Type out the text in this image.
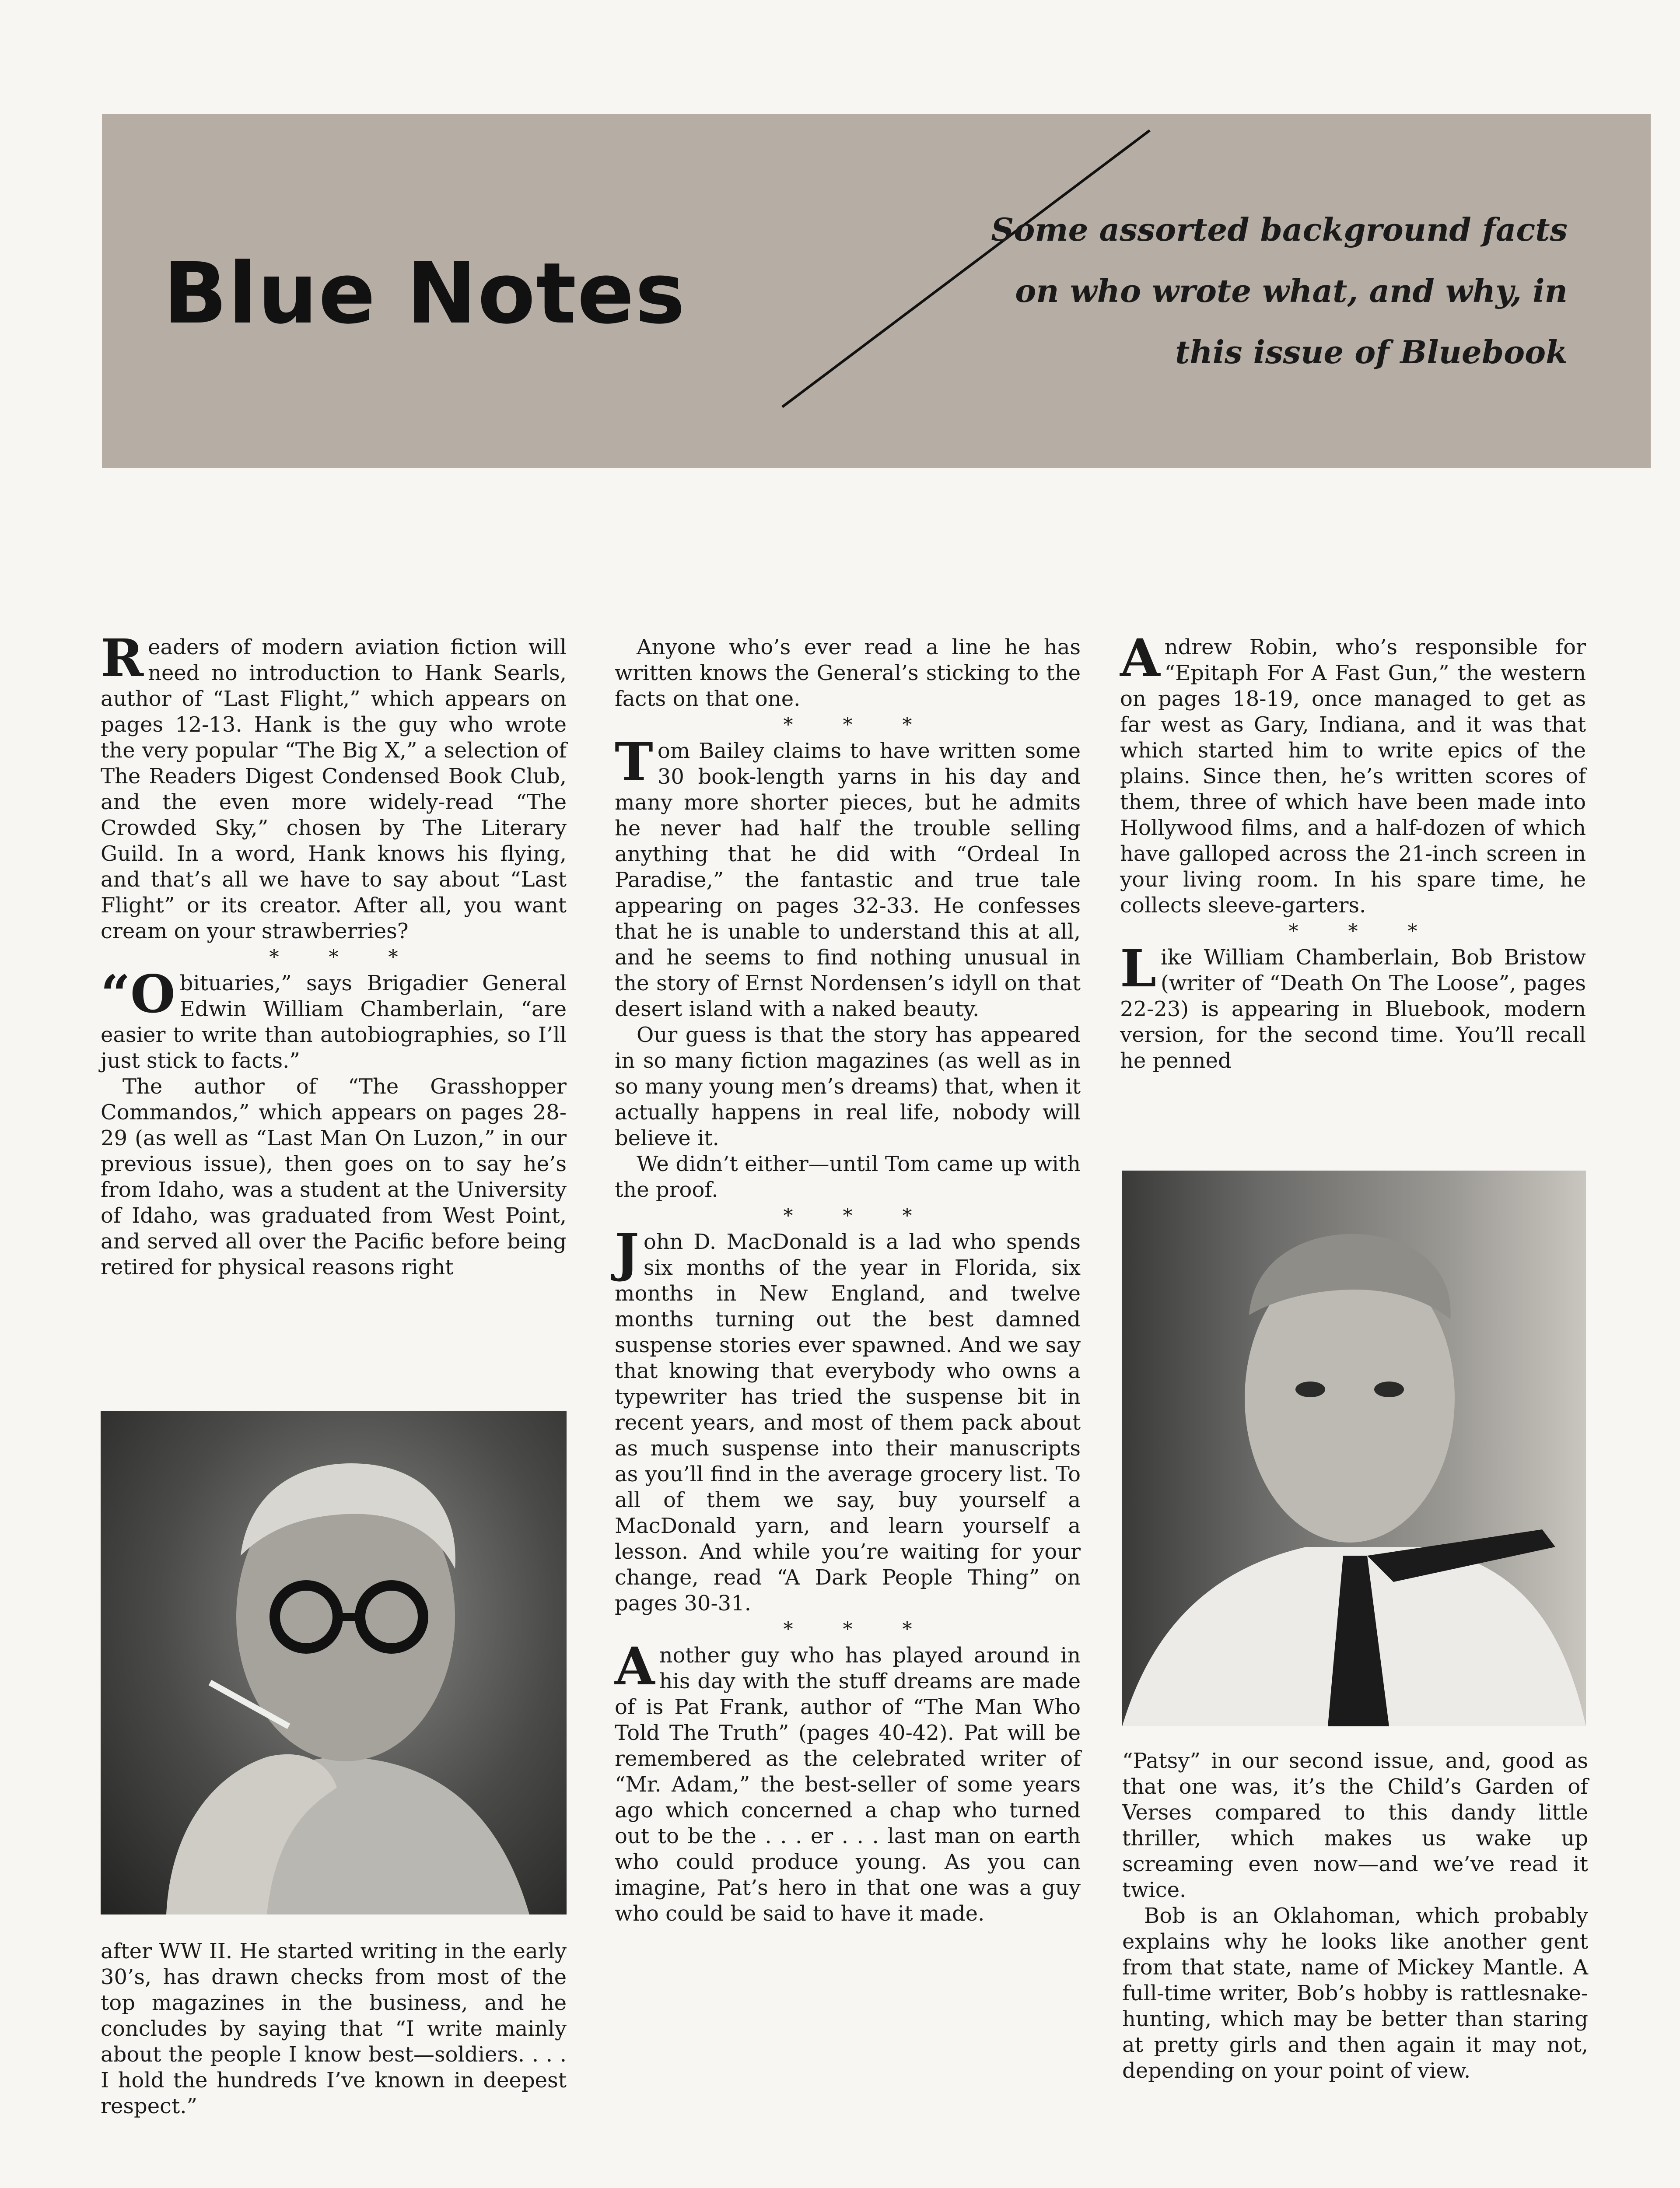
Blue Notes
Some assorted background facts
on who wrote what, and why, in
this issue of Bluebook

Readers of modern aviation fiction will need no introduction to Hank Searls, author of “Last Flight,” which appears on pages 12-13. Hank is the guy who wrote the very popular “The Big X,” a selection of The Readers Digest Condensed Book Club, and the even more widely-read “The Crowded Sky,” chosen by The Literary Guild. In a word, Hank knows his flying, and that’s all we have to say about “Last Flight” or its creator. After all, you want cream on your strawberries?

* * *

“Obituaries,” says Brigadier General Edwin William Chamberlain, “are easier to write than autobiographies, so I’ll just stick to facts.”

The author of “The Grasshopper Commandos,” which appears on pages 28-29 (as well as “Last Man On Luzon,” in our previous issue), then goes on to say he’s from Idaho, was a student at the University of Idaho, was graduated from West Point, and served all over the Pacific before being retired for physical reasons right

after WW II. He started writing in the early 30’s, has drawn checks from most of the top magazines in the business, and he concludes by saying that “I write mainly about the people I know best—soldiers. . . . I hold the hundreds I’ve known in deepest respect.”

Anyone who’s ever read a line he has written knows the General’s sticking to the facts on that one.

* * *

Tom Bailey claims to have written some 30 book-length yarns in his day and many more shorter pieces, but he admits he never had half the trouble selling anything that he did with “Ordeal In Paradise,” the fantastic and true tale appearing on pages 32-33. He confesses that he is unable to understand this at all, and he seems to find nothing unusual in the story of Ernst Nordensen’s idyll on that desert island with a naked beauty.

Our guess is that the story has appeared in so many fiction magazines (as well as in so many young men’s dreams) that, when it actually happens in real life, nobody will believe it.

We didn’t either—until Tom came up with the proof.

* * *

John D. MacDonald is a lad who spends six months of the year in Florida, six months in New England, and twelve months turning out the best damned suspense stories ever spawned. And we say that knowing that everybody who owns a typewriter has tried the suspense bit in recent years, and most of them pack about as much suspense into their manuscripts as you’ll find in the average grocery list. To all of them we say, buy yourself a MacDonald yarn, and learn yourself a lesson. And while you’re waiting for your change, read “A Dark People Thing” on pages 30-31.

* * *

Another guy who has played around in his day with the stuff dreams are made of is Pat Frank, author of “The Man Who Told The Truth” (pages 40-42). Pat will be remembered as the celebrated writer of “Mr. Adam,” the best-seller of some years ago which concerned a chap who turned out to be the . . . er . . . last man on earth who could produce young. As you can imagine, Pat’s hero in that one was a guy who could be said to have it made.

Andrew Robin, who’s responsible for “Epitaph For A Fast Gun,” the western on pages 18-19, once managed to get as far west as Gary, Indiana, and it was that which started him to write epics of the plains. Since then, he’s written scores of them, three of which have been made into Hollywood films, and a half-dozen of which have galloped across the 21-inch screen in your living room. In his spare time, he collects sleeve-garters.

* * *

Like William Chamberlain, Bob Bristow (writer of “Death On The Loose”, pages 22-23) is appearing in Bluebook, modern version, for the second time. You’ll recall he penned

“Patsy” in our second issue, and, good as that one was, it’s the Child’s Garden of Verses compared to this dandy little thriller, which makes us wake up screaming even now—and we’ve read it twice.

Bob is an Oklahoman, which probably explains why he looks like another gent from that state, name of Mickey Mantle. A full-time writer, Bob’s hobby is rattlesnake-hunting, which may be better than staring at pretty girls and then again it may not, depending on your point of view.
